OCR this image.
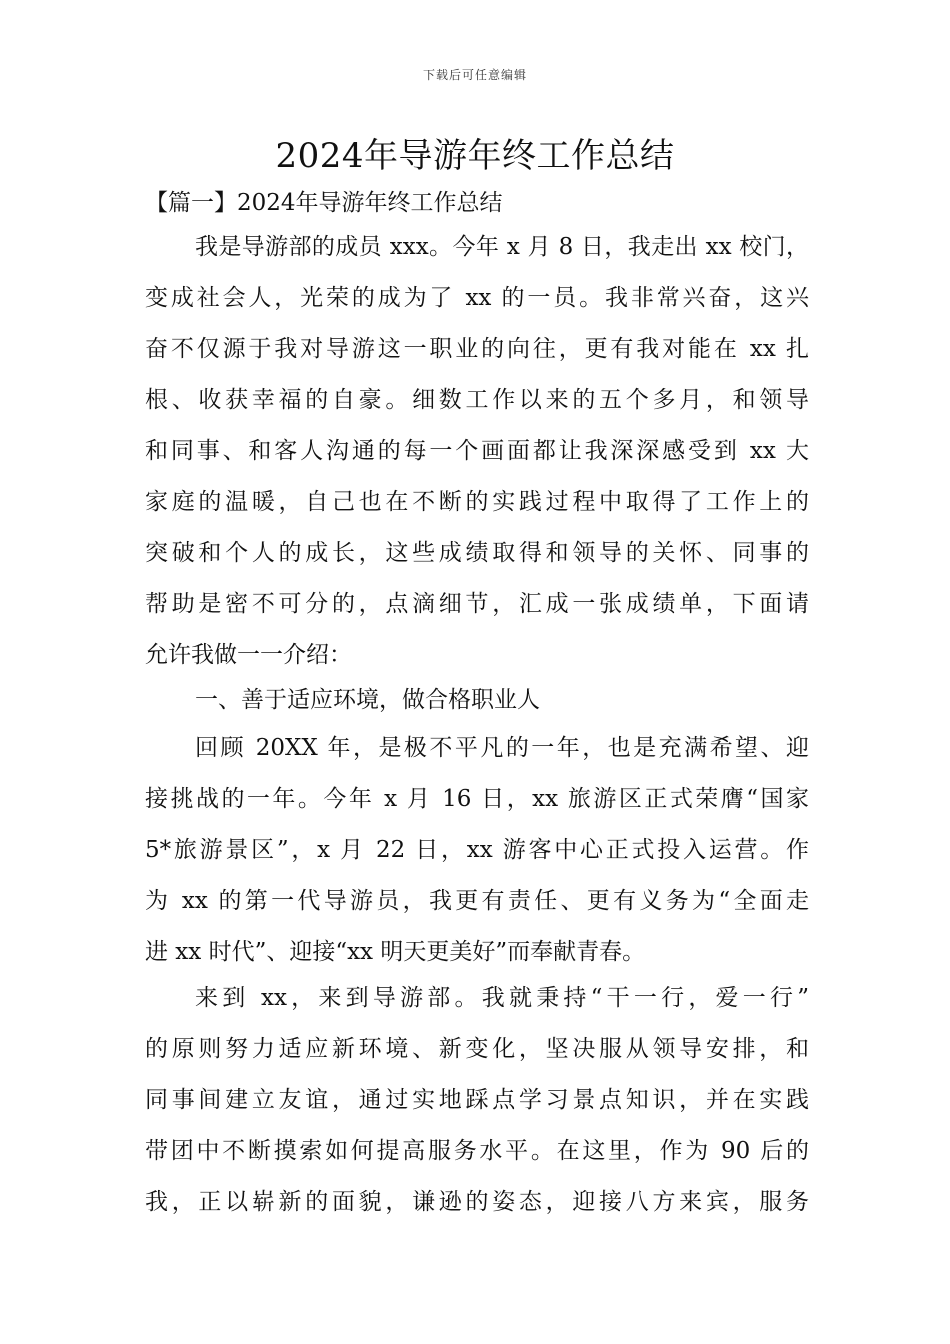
下载后可任意编辑
2024年导游年终工作总结
【篇一】2024年导游年终工作总结
我是导游部的成员 xxx。今年 x 月 8 日，我走出 xx 校门，
变成社会人，光荣的成为了 xx 的一员。我非常兴奋，这兴
奋不仅源于我对导游这一职业的向往，更有我对能在 xx 扎
根、收获幸福的自豪。细数工作以来的五个多月，和领导
和同事、和客人沟通的每一个画面都让我深深感受到 xx 大
家庭的温暖，自己也在不断的实践过程中取得了工作上的
突破和个人的成长，这些成绩取得和领导的关怀、同事的
帮助是密不可分的，点滴细节，汇成一张成绩单，下面请
允许我做一一介绍：
一、善于适应环境，做合格职业人
回顾 20XX 年，是极不平凡的一年，也是充满希望、迎
接挑战的一年。今年 x 月 16 日，xx 旅游区正式荣膺“国家
5*旅游景区”，x 月 22 日，xx 游客中心正式投入运营。作
为 xx 的第一代导游员，我更有责任、更有义务为“全面走
进 xx 时代”、迎接“xx 明天更美好”而奉献青春。
来到 xx，来到导游部。我就秉持“干一行，爱一行”
的原则努力适应新环境、新变化，坚决服从领导安排，和
同事间建立友谊，通过实地踩点学习景点知识，并在实践
带团中不断摸索如何提高服务水平。在这里，作为 90 后的
我，正以崭新的面貌，谦逊的姿态，迎接八方来宾，服务
